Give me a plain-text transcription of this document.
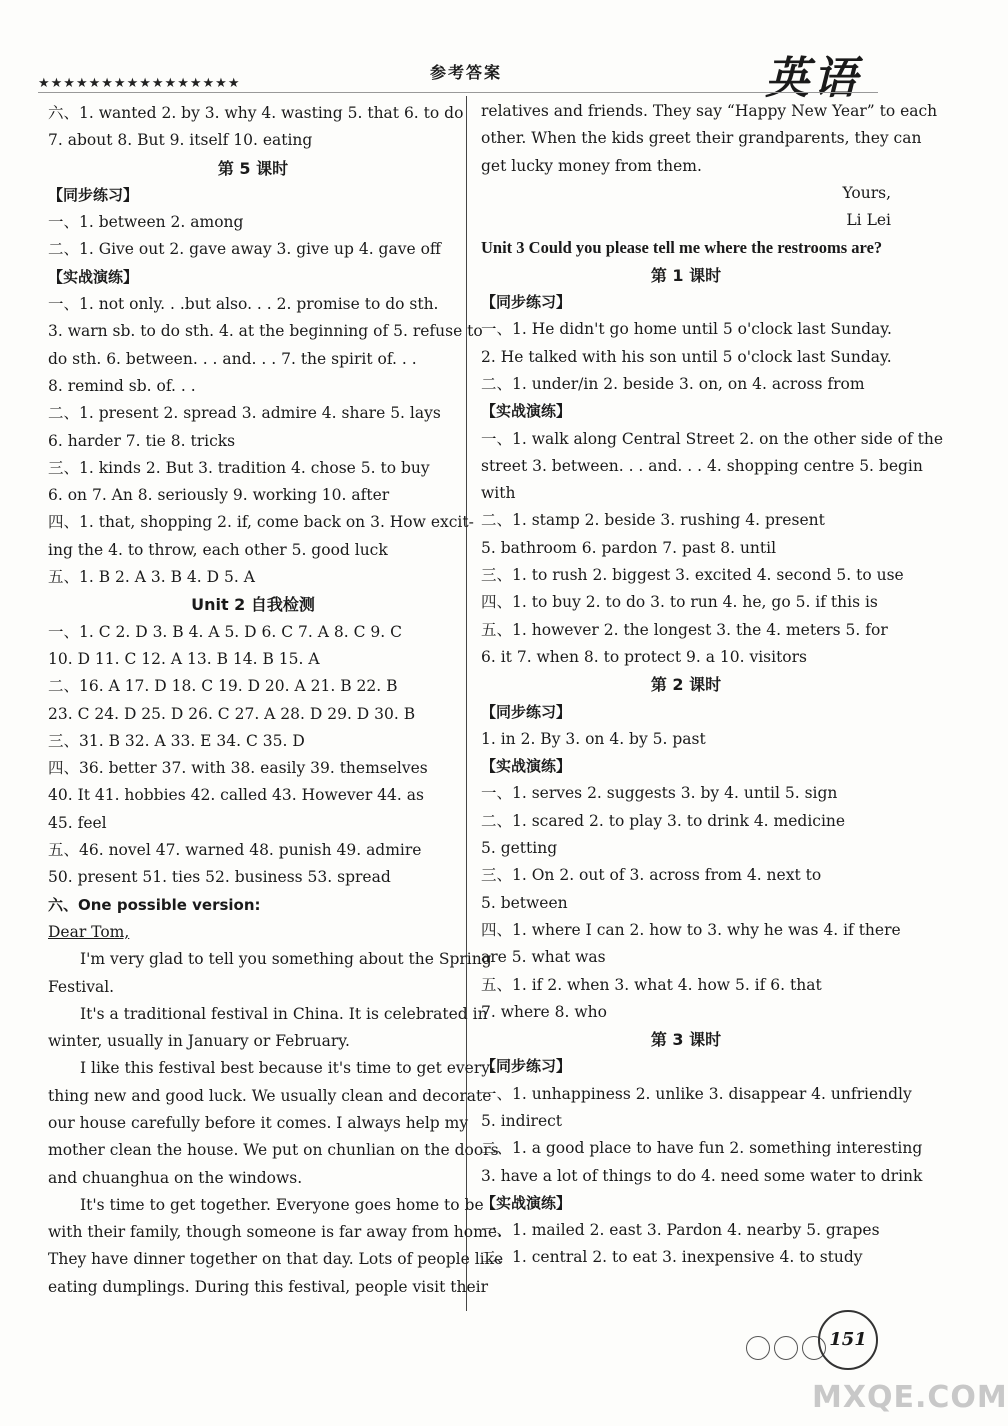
★★★★★★★★★★★★★★★★
参考答案	英语
六、1. wanted 2. by 3. why 4. wasting 5. that 6. to do
7. about 8. But 9. itself 10. eating
第 5 课时
【同步练习】
一、1. between 2. among
二、1. Give out 2. gave away 3. give up 4. gave off
【实战演练】
一、1. not only. . .but also. . . 2. promise to do sth.
3. warn sb. to do sth. 4. at the beginning of 5. refuse to
do sth. 6. between. . . and. . . 7. the spirit of. . .
8. remind sb. of. . .
二、1. present 2. spread 3. admire 4. share 5. lays
6. harder 7. tie 8. tricks
三、1. kinds 2. But 3. tradition 4. chose 5. to buy
6. on 7. An 8. seriously 9. working 10. after
四、1. that, shopping 2. if, come back on 3. How excit-
ing the 4. to throw, each other 5. good luck
五、1. B 2. A 3. B 4. D 5. A
Unit 2 自我检测
一、1. C 2. D 3. B 4. A 5. D 6. C 7. A 8. C 9. C
10. D 11. C 12. A 13. B 14. B 15. A
二、16. A 17. D 18. C 19. D 20. A 21. B 22. B
23. C 24. D 25. D 26. C 27. A 28. D 29. D 30. B
三、31. B 32. A 33. E 34. C 35. D
四、36. better 37. with 38. easily 39. themselves
40. It 41. hobbies 42. called 43. However 44. as
45. feel
五、46. novel 47. warned 48. punish 49. admire
50. present 51. ties 52. business 53. spread
六、One possible version:
Dear Tom,
I'm very glad to tell you something about the Spring
Festival.
It's a traditional festival in China. It is celebrated in
winter, usually in January or February.
I like this festival best because it's time to get every-
thing new and good luck. We usually clean and decorate
our house carefully before it comes. I always help my
mother clean the house. We put on chunlian on the doors
and chuanghua on the windows.
It's time to get together. Everyone goes home to be
with their family, though someone is far away from home.
They have dinner together on that day. Lots of people like
eating dumplings. During this festival, people visit their
relatives and friends. They say “Happy New Year” to each
other. When the kids greet their grandparents, they can
get lucky money from them.
Yours,
Li Lei
Unit 3 Could you please tell me where the restrooms are?
第 1 课时
【同步练习】
一、1. He didn't go home until 5 o'clock last Sunday.
2. He talked with his son until 5 o'clock last Sunday.
二、1. under/in 2. beside 3. on, on 4. across from
【实战演练】
一、1. walk along Central Street 2. on the other side of the
street 3. between. . . and. . . 4. shopping centre 5. begin
with
二、1. stamp 2. beside 3. rushing 4. present
5. bathroom 6. pardon 7. past 8. until
三、1. to rush 2. biggest 3. excited 4. second 5. to use
四、1. to buy 2. to do 3. to run 4. he, go 5. if this is
五、1. however 2. the longest 3. the 4. meters 5. for
6. it 7. when 8. to protect 9. a 10. visitors
第 2 课时
【同步练习】
1. in 2. By 3. on 4. by 5. past
【实战演练】
一、1. serves 2. suggests 3. by 4. until 5. sign
二、1. scared 2. to play 3. to drink 4. medicine
5. getting
三、1. On 2. out of 3. across from 4. next to
5. between
四、1. where I can 2. how to 3. why he was 4. if there
are 5. what was
五、1. if 2. when 3. what 4. how 5. if 6. that
7. where 8. who
第 3 课时
【同步练习】
一、1. unhappiness 2. unlike 3. disappear 4. unfriendly
5. indirect
二、1. a good place to have fun 2. something interesting
3. have a lot of things to do 4. need some water to drink
【实战演练】
一、1. mailed 2. east 3. Pardon 4. nearby 5. grapes
二、1. central 2. to eat 3. inexpensive 4. to study
151
MXQE.COM
